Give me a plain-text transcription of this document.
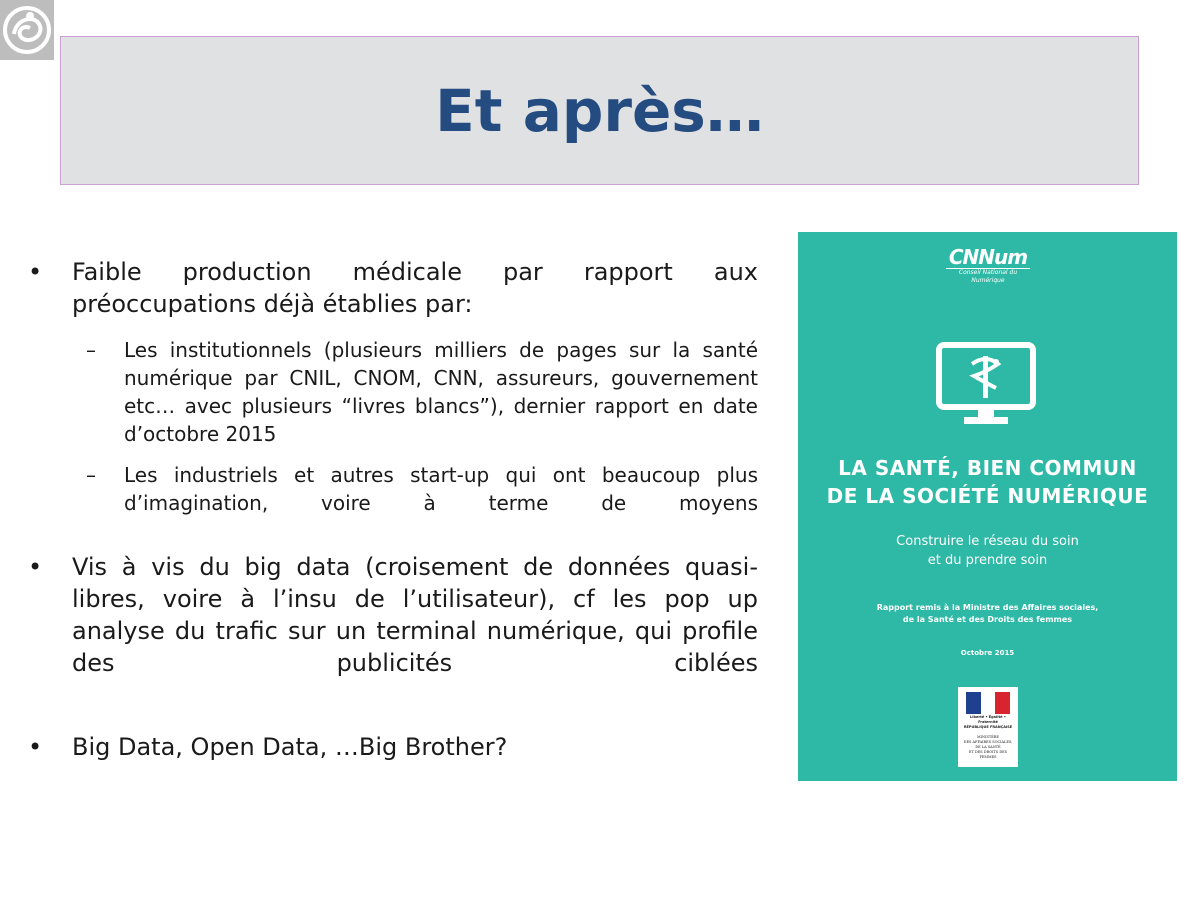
Et après…
• Faible production médicale par rapport aux préoccupations déjà établies par:
– Les institutionnels (plusieurs milliers de pages sur la santé numérique par CNIL, CNOM, CNN, assureurs, gouvernement etc… avec plusieurs “livres blancs”), dernier rapport en date d’octobre 2015
– Les industriels et autres start-up qui ont beaucoup plus d’imagination, voire à terme de moyens
• Vis à vis du big data (croisement de données quasi-libres, voire à l’insu de l’utilisateur), cf les pop up analyse du trafic sur un terminal numérique, qui profile des publicités ciblées
• Big Data, Open Data, …Big Brother?
CNNum
Conseil National du Numérique
LA SANTÉ, BIEN COMMUN
DE LA SOCIÉTÉ NUMÉRIQUE
Construire le réseau du soin
et du prendre soin
Rapport remis à la Ministre des Affaires sociales,
de la Santé et des Droits des femmes
Octobre 2015
Liberté • Égalité • Fraternité
RÉPUBLIQUE FRANÇAISE
MINISTÈRE
DES AFFAIRES SOCIALES,
DE LA SANTÉ
ET DES DROITS DES FEMMES
